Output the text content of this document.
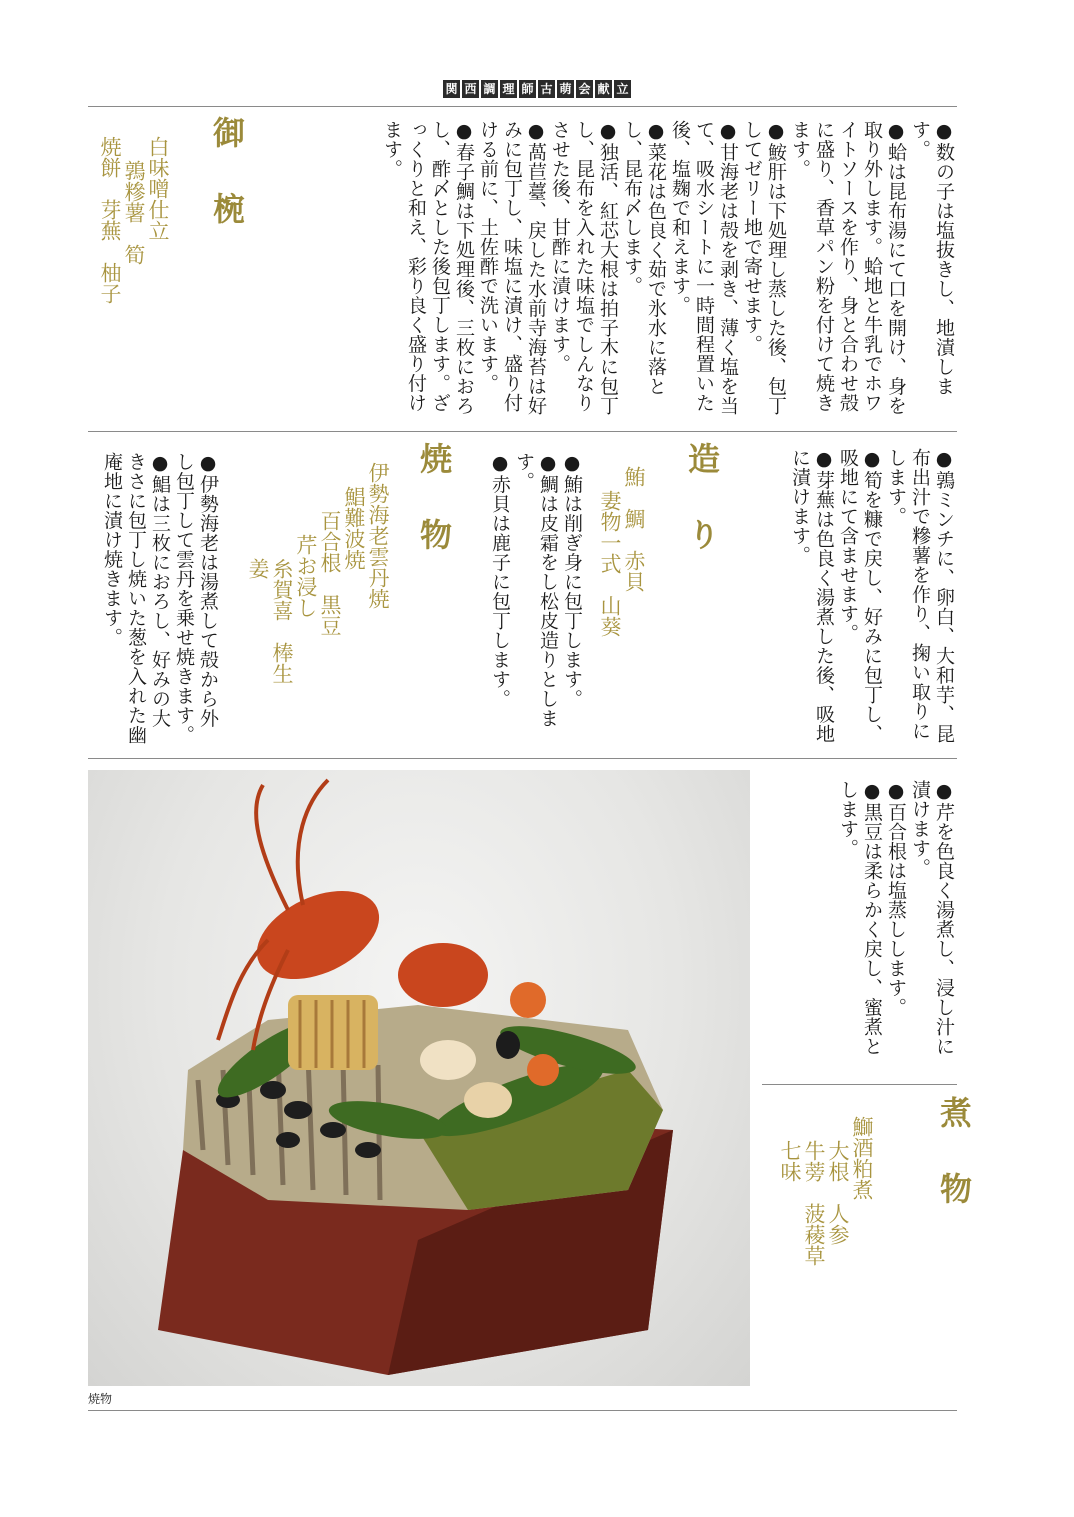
関 西 調 理 師 古 萌 会 献 立
●数の子は塩抜きし、地漬します。
●蛤は昆布湯にて口を開け、身を取り外します。蛤地と牛乳でホワイトソースを作り、身と合わせ殻に盛り、香草パン粉を付けて焼きます。
●鮟肝は下処理し蒸した後、包丁してゼリー地で寄せます。
●甘海老は殻を剥き、薄く塩を当て、吸水シートに一時間程置いた後、塩麹で和えます。
●菜花は色良く茹で氷水に落とし、昆布〆します。
●独活、紅芯大根は拍子木に包丁し、昆布を入れた味塩でしんなりさせた後、甘酢に漬けます。
●萵苣薹、戻した水前寺海苔は好みに包丁し、味塩に漬け、盛り付ける前に、土佐酢で洗います。
●春子鯛は下処理後、三枚におろし、酢〆とした後包丁します。ざっくりと和え、彩り良く盛り付けます。
御椀
白味噌仕立
鶉糝薯　筍
焼餅　芽蕪　柚子
●鶉ミンチに、卵白、大和芋、昆布出汁で糝薯を作り、掬い取りにします。
●筍を糠で戻し、好みに包丁し、吸地にて含ませます。
●芽蕪は色良く湯煮した後、吸地に漬けます。
造り
鮪　鯛　赤貝
妻物一式　山葵
●鮪は削ぎ身に包丁します。
●鯛は皮霜をし松皮造りとします。
●赤貝は鹿子に包丁します。
焼物
伊勢海老雲丹焼
鯧難波焼
百合根　黒豆
芹お浸し
糸賀喜　棒生姜
●伊勢海老は湯煮して殻から外し包丁して雲丹を乗せ焼きます。
●鯧は三枚におろし、好みの大きさに包丁し焼いた葱を入れた幽庵地に漬け焼きます。
●芹を色良く湯煮し、浸し汁に漬けます。
●百合根は塩蒸しします。
●黒豆は柔らかく戻し、蜜煮とします。
煮物
鰤酒粕煮
大根　人参
牛蒡　菠薐草
七味
焼物
